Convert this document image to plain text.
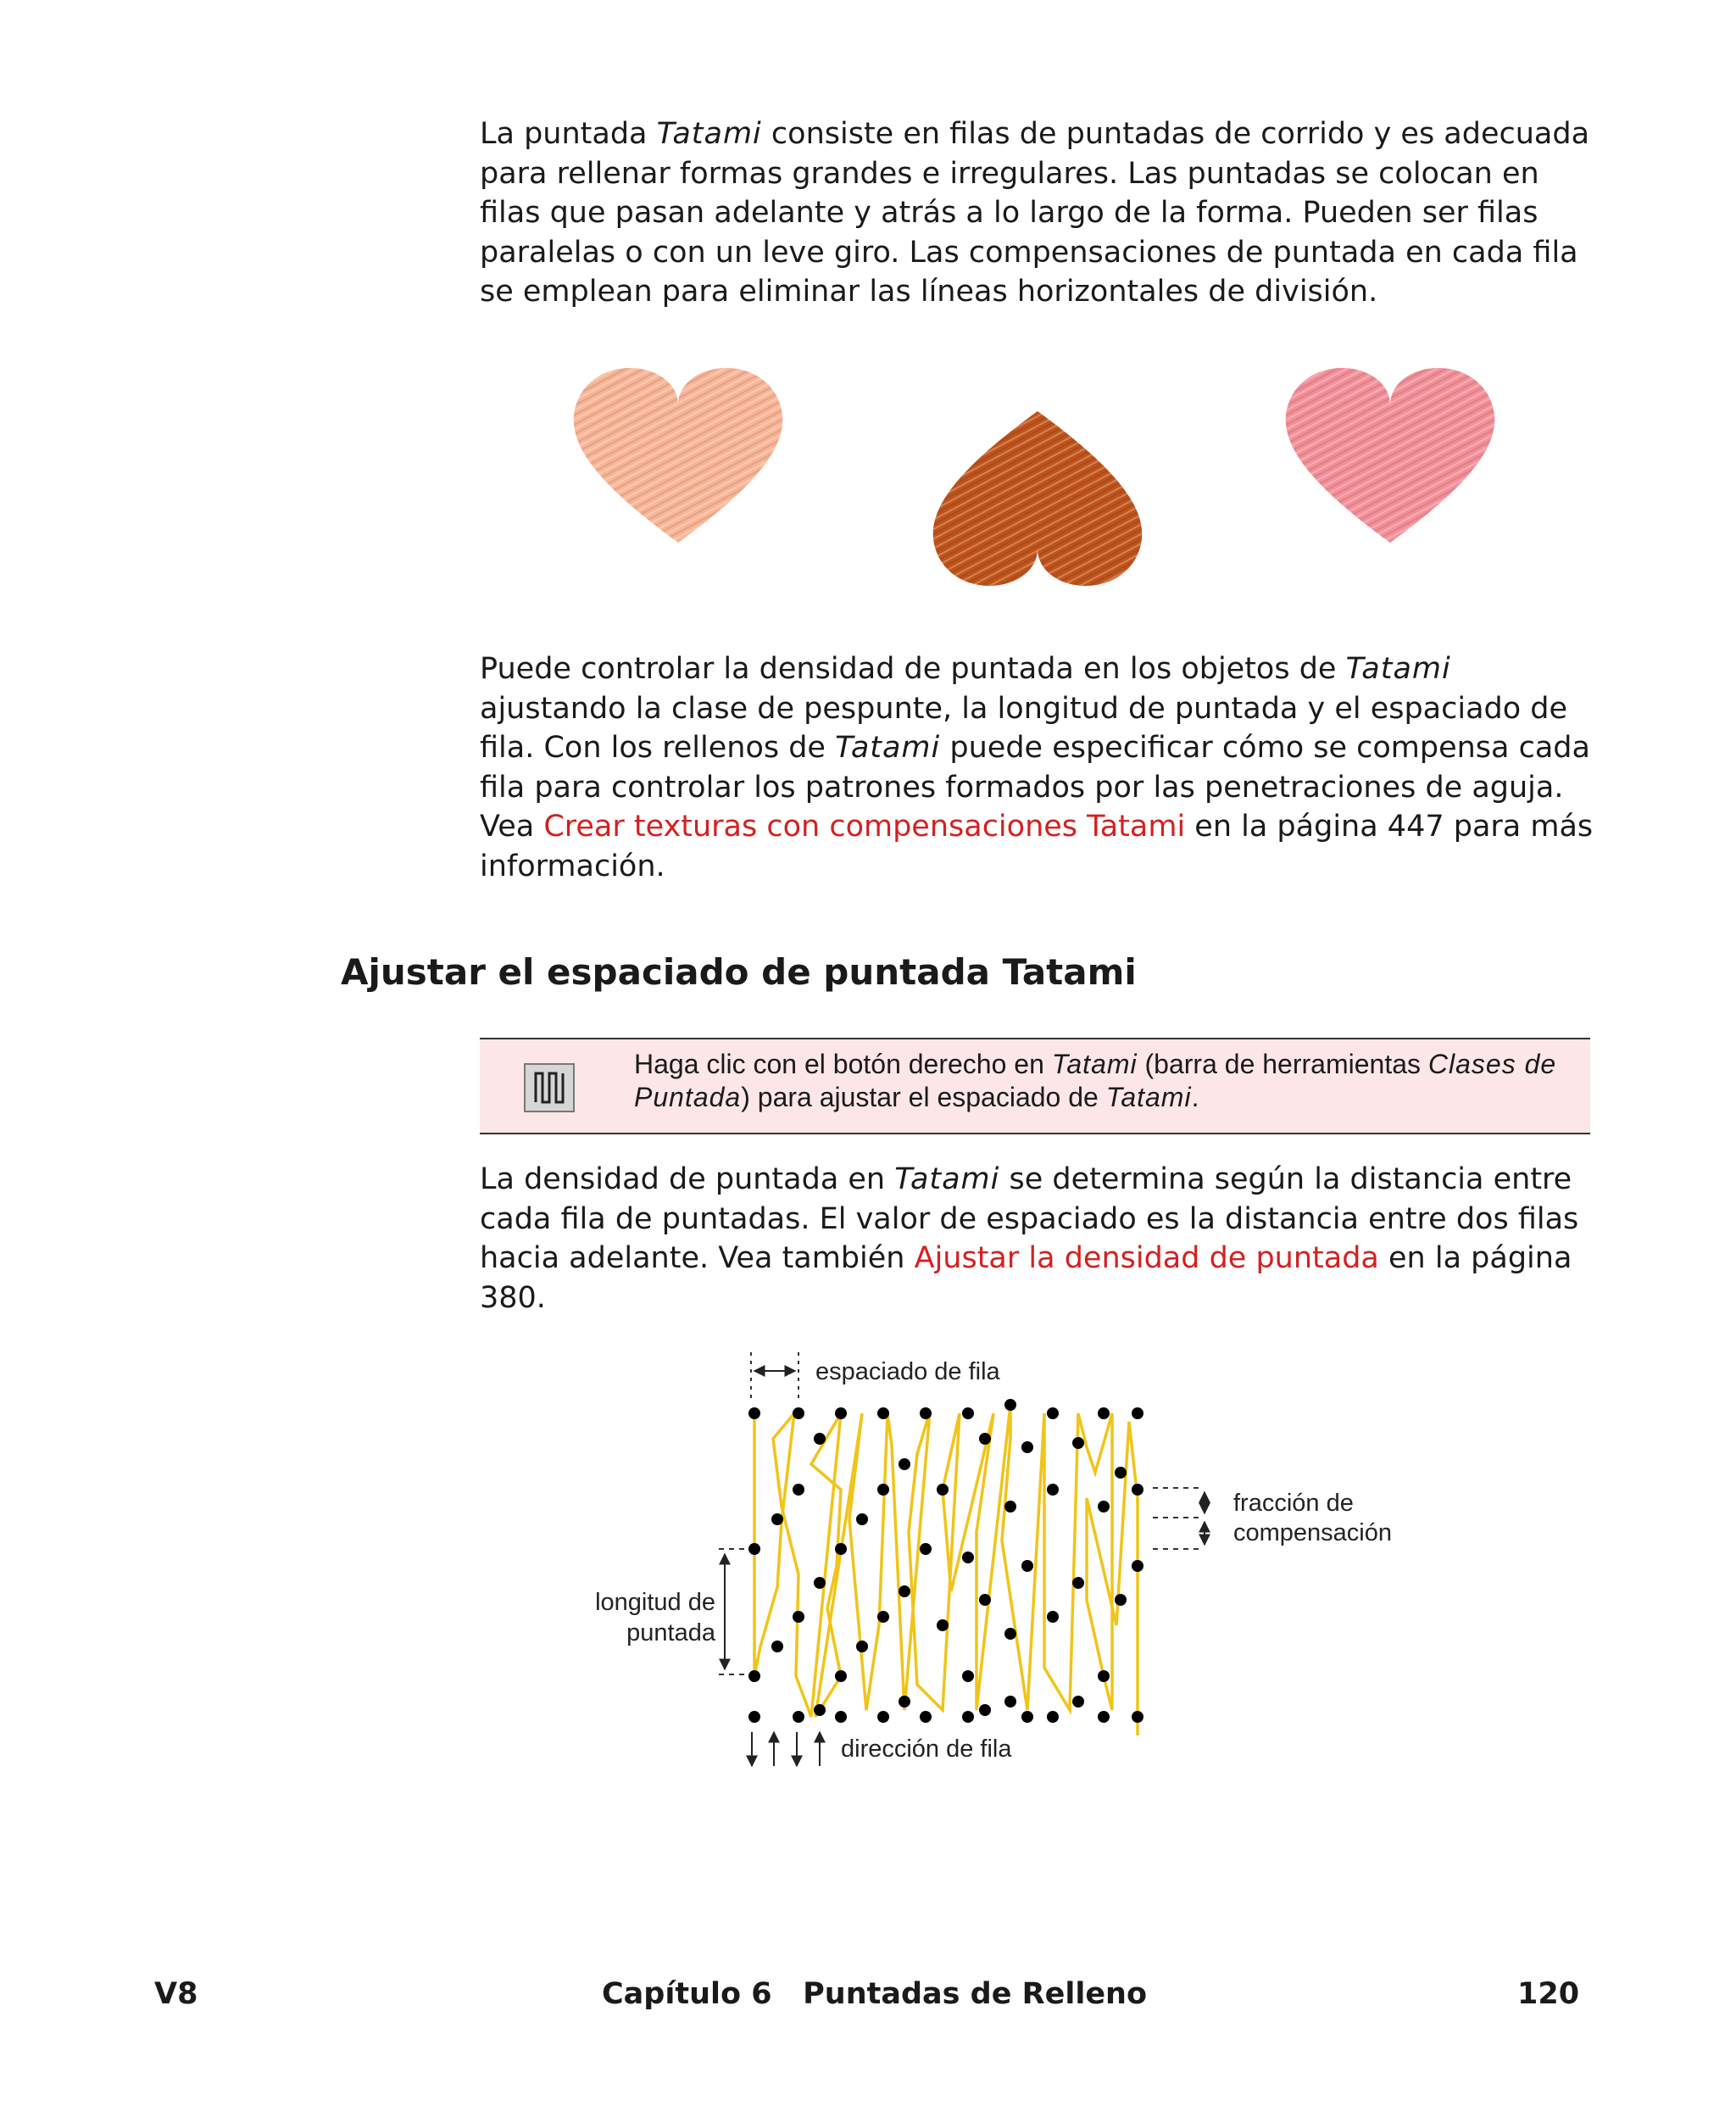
La puntada Tatami consiste en filas de puntadas de corrido y es adecuada para rellenar formas grandes e irregulares. Las puntadas se colocan en filas que pasan adelante y atrás a lo largo de la forma. Pueden ser filas paralelas o con un leve giro. Las compensaciones de puntada en cada fila se emplean para eliminar las líneas horizontales de división.
Puede controlar la densidad de puntada en los objetos de Tatami ajustando la clase de pespunte, la longitud de puntada y el espaciado de fila. Con los rellenos de Tatami puede especificar cómo se compensa cada fila para controlar los patrones formados por las penetraciones de aguja. Vea Crear texturas con compensaciones Tatami en la página 447 para más información.
Ajustar el espaciado de puntada Tatami
Haga clic con el botón derecho en Tatami (barra de herramientas Clases de Puntada) para ajustar el espaciado de Tatami.
La densidad de puntada en Tatami se determina según la distancia entre cada fila de puntadas. El valor de espaciado es la distancia entre dos filas hacia adelante. Vea también Ajustar la densidad de puntada en la página 380.
espaciado de fila
fracción de
compensación
longitud de
puntada
dirección de fila
V8	Capítulo 6   Puntadas de Relleno	120
